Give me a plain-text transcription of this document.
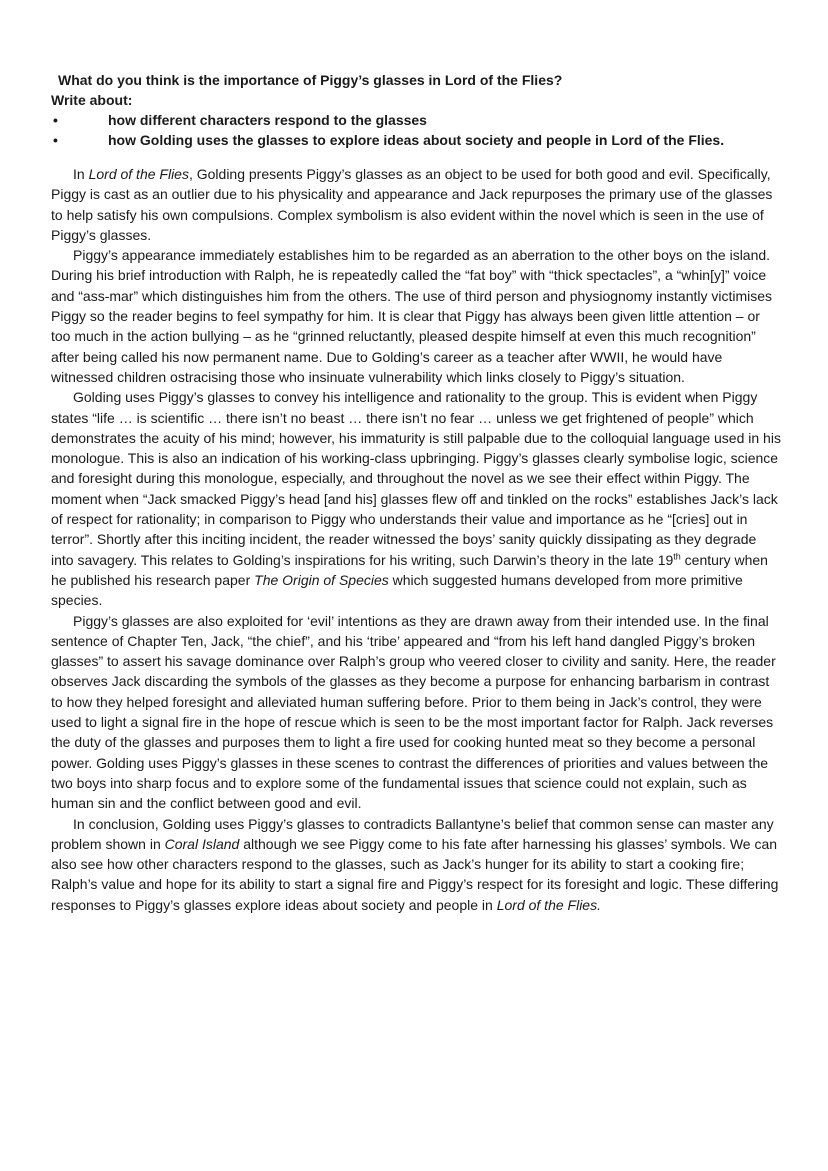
What do you think is the importance of Piggy’s glasses in Lord of the Flies?

Write about:

•	how different characters respond to the glasses
•	how Golding uses the glasses to explore ideas about society and people in Lord of the Flies.

In Lord of the Flies, Golding presents Piggy’s glasses as an object to be used for both good and evil. Specifically, Piggy is cast as an outlier due to his physicality and appearance and Jack repurposes the primary use of the glasses to help satisfy his own compulsions. Complex symbolism is also evident within the novel which is seen in the use of Piggy’s glasses.

Piggy’s appearance immediately establishes him to be regarded as an aberration to the other boys on the island. During his brief introduction with Ralph, he is repeatedly called the “fat boy” with “thick spectacles”, a “whin[y]” voice and “ass-mar” which distinguishes him from the others. The use of third person and physiognomy instantly victimises Piggy so the reader begins to feel sympathy for him. It is clear that Piggy has always been given little attention – or too much in the action bullying – as he “grinned reluctantly, pleased despite himself at even this much recognition” after being called his now permanent name. Due to Golding’s career as a teacher after WWII, he would have witnessed children ostracising those who insinuate vulnerability which links closely to Piggy’s situation.

Golding uses Piggy’s glasses to convey his intelligence and rationality to the group. This is evident when Piggy states “life … is scientific … there isn’t no beast … there isn’t no fear … unless we get frightened of people” which demonstrates the acuity of his mind; however, his immaturity is still palpable due to the colloquial language used in his monologue. This is also an indication of his working-class upbringing. Piggy’s glasses clearly symbolise logic, science and foresight during this monologue, especially, and throughout the novel as we see their effect within Piggy. The moment when “Jack smacked Piggy’s head [and his] glasses flew off and tinkled on the rocks” establishes Jack’s lack of respect for rationality; in comparison to Piggy who understands their value and importance as he “[cries] out in terror”. Shortly after this inciting incident, the reader witnessed the boys’ sanity quickly dissipating as they degrade into savagery. This relates to Golding’s inspirations for his writing, such Darwin’s theory in the late 19th century when he published his research paper The Origin of Species which suggested humans developed from more primitive species.

Piggy’s glasses are also exploited for ‘evil’ intentions as they are drawn away from their intended use. In the final sentence of Chapter Ten, Jack, “the chief”, and his ‘tribe’ appeared and “from his left hand dangled Piggy’s broken glasses” to assert his savage dominance over Ralph’s group who veered closer to civility and sanity. Here, the reader observes Jack discarding the symbols of the glasses as they become a purpose for enhancing barbarism in contrast to how they helped foresight and alleviated human suffering before. Prior to them being in Jack’s control, they were used to light a signal fire in the hope of rescue which is seen to be the most important factor for Ralph. Jack reverses the duty of the glasses and purposes them to light a fire used for cooking hunted meat so they become a personal power. Golding uses Piggy’s glasses in these scenes to contrast the differences of priorities and values between the two boys into sharp focus and to explore some of the fundamental issues that science could not explain, such as human sin and the conflict between good and evil.

In conclusion, Golding uses Piggy’s glasses to contradicts Ballantyne’s belief that common sense can master any problem shown in Coral Island although we see Piggy come to his fate after harnessing his glasses’ symbols. We can also see how other characters respond to the glasses, such as Jack’s hunger for its ability to start a cooking fire; Ralph’s value and hope for its ability to start a signal fire and Piggy’s respect for its foresight and logic. These differing responses to Piggy’s glasses explore ideas about society and people in Lord of the Flies.
